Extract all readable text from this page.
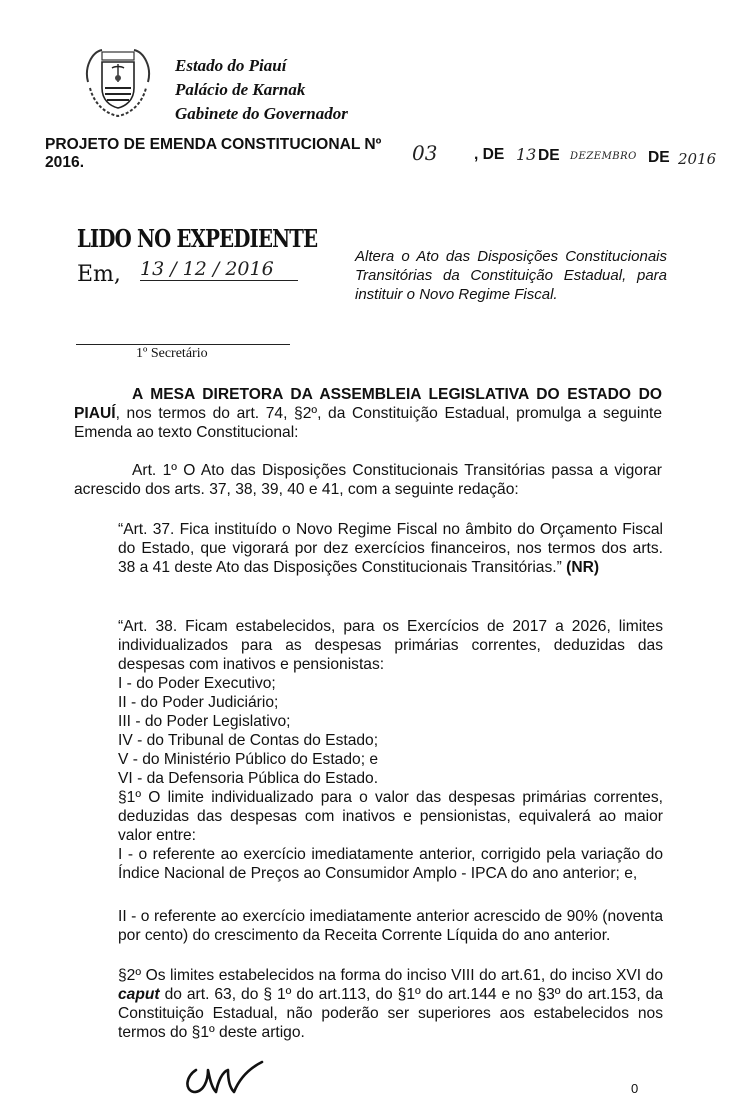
Estado do Piauí
Palácio de Karnak
Gabinete do Governador
PROJETO DE EMENDA CONSTITUCIONAL Nº 03 , DE 13 DE DEZEMBRO DE 2016
2016.
LIDO NO EXPEDIENTE
Em, 13 / 12 / 2016
1º Secretário
Altera o Ato das Disposições Constitucionais Transitórias da Constituição Estadual, para instituir o Novo Regime Fiscal.
A MESA DIRETORA DA ASSEMBLEIA LEGISLATIVA DO ESTADO DO PIAUÍ, nos termos do art. 74, §2º, da Constituição Estadual, promulga a seguinte Emenda ao texto Constitucional:
Art. 1º O Ato das Disposições Constitucionais Transitórias passa a vigorar acrescido dos arts. 37, 38, 39, 40 e 41, com a seguinte redação:
“Art. 37. Fica instituído o Novo Regime Fiscal no âmbito do Orçamento Fiscal do Estado, que vigorará por dez exercícios financeiros, nos termos dos arts. 38 a 41 deste Ato das Disposições Constitucionais Transitórias.” (NR)
“Art. 38. Ficam estabelecidos, para os Exercícios de 2017 a 2026, limites individualizados para as despesas primárias correntes, deduzidas das despesas com inativos e pensionistas:
I - do Poder Executivo;
II - do Poder Judiciário;
III - do Poder Legislativo;
IV - do Tribunal de Contas do Estado;
V - do Ministério Público do Estado; e
VI - da Defensoria Pública do Estado.
§1º O limite individualizado para o valor das despesas primárias correntes, deduzidas das despesas com inativos e pensionistas, equivalerá ao maior valor entre:
I - o referente ao exercício imediatamente anterior, corrigido pela variação do Índice Nacional de Preços ao Consumidor Amplo - IPCA do ano anterior; e,
II - o referente ao exercício imediatamente anterior acrescido de 90% (noventa por cento) do crescimento da Receita Corrente Líquida do ano anterior.
§2º Os limites estabelecidos na forma do inciso VIII do art.61, do inciso XVI do caput do art. 63, do § 1º do art.113, do §1º do art.144 e no §3º do art.153, da Constituição Estadual, não poderão ser superiores aos estabelecidos nos termos do §1º deste artigo.
0
